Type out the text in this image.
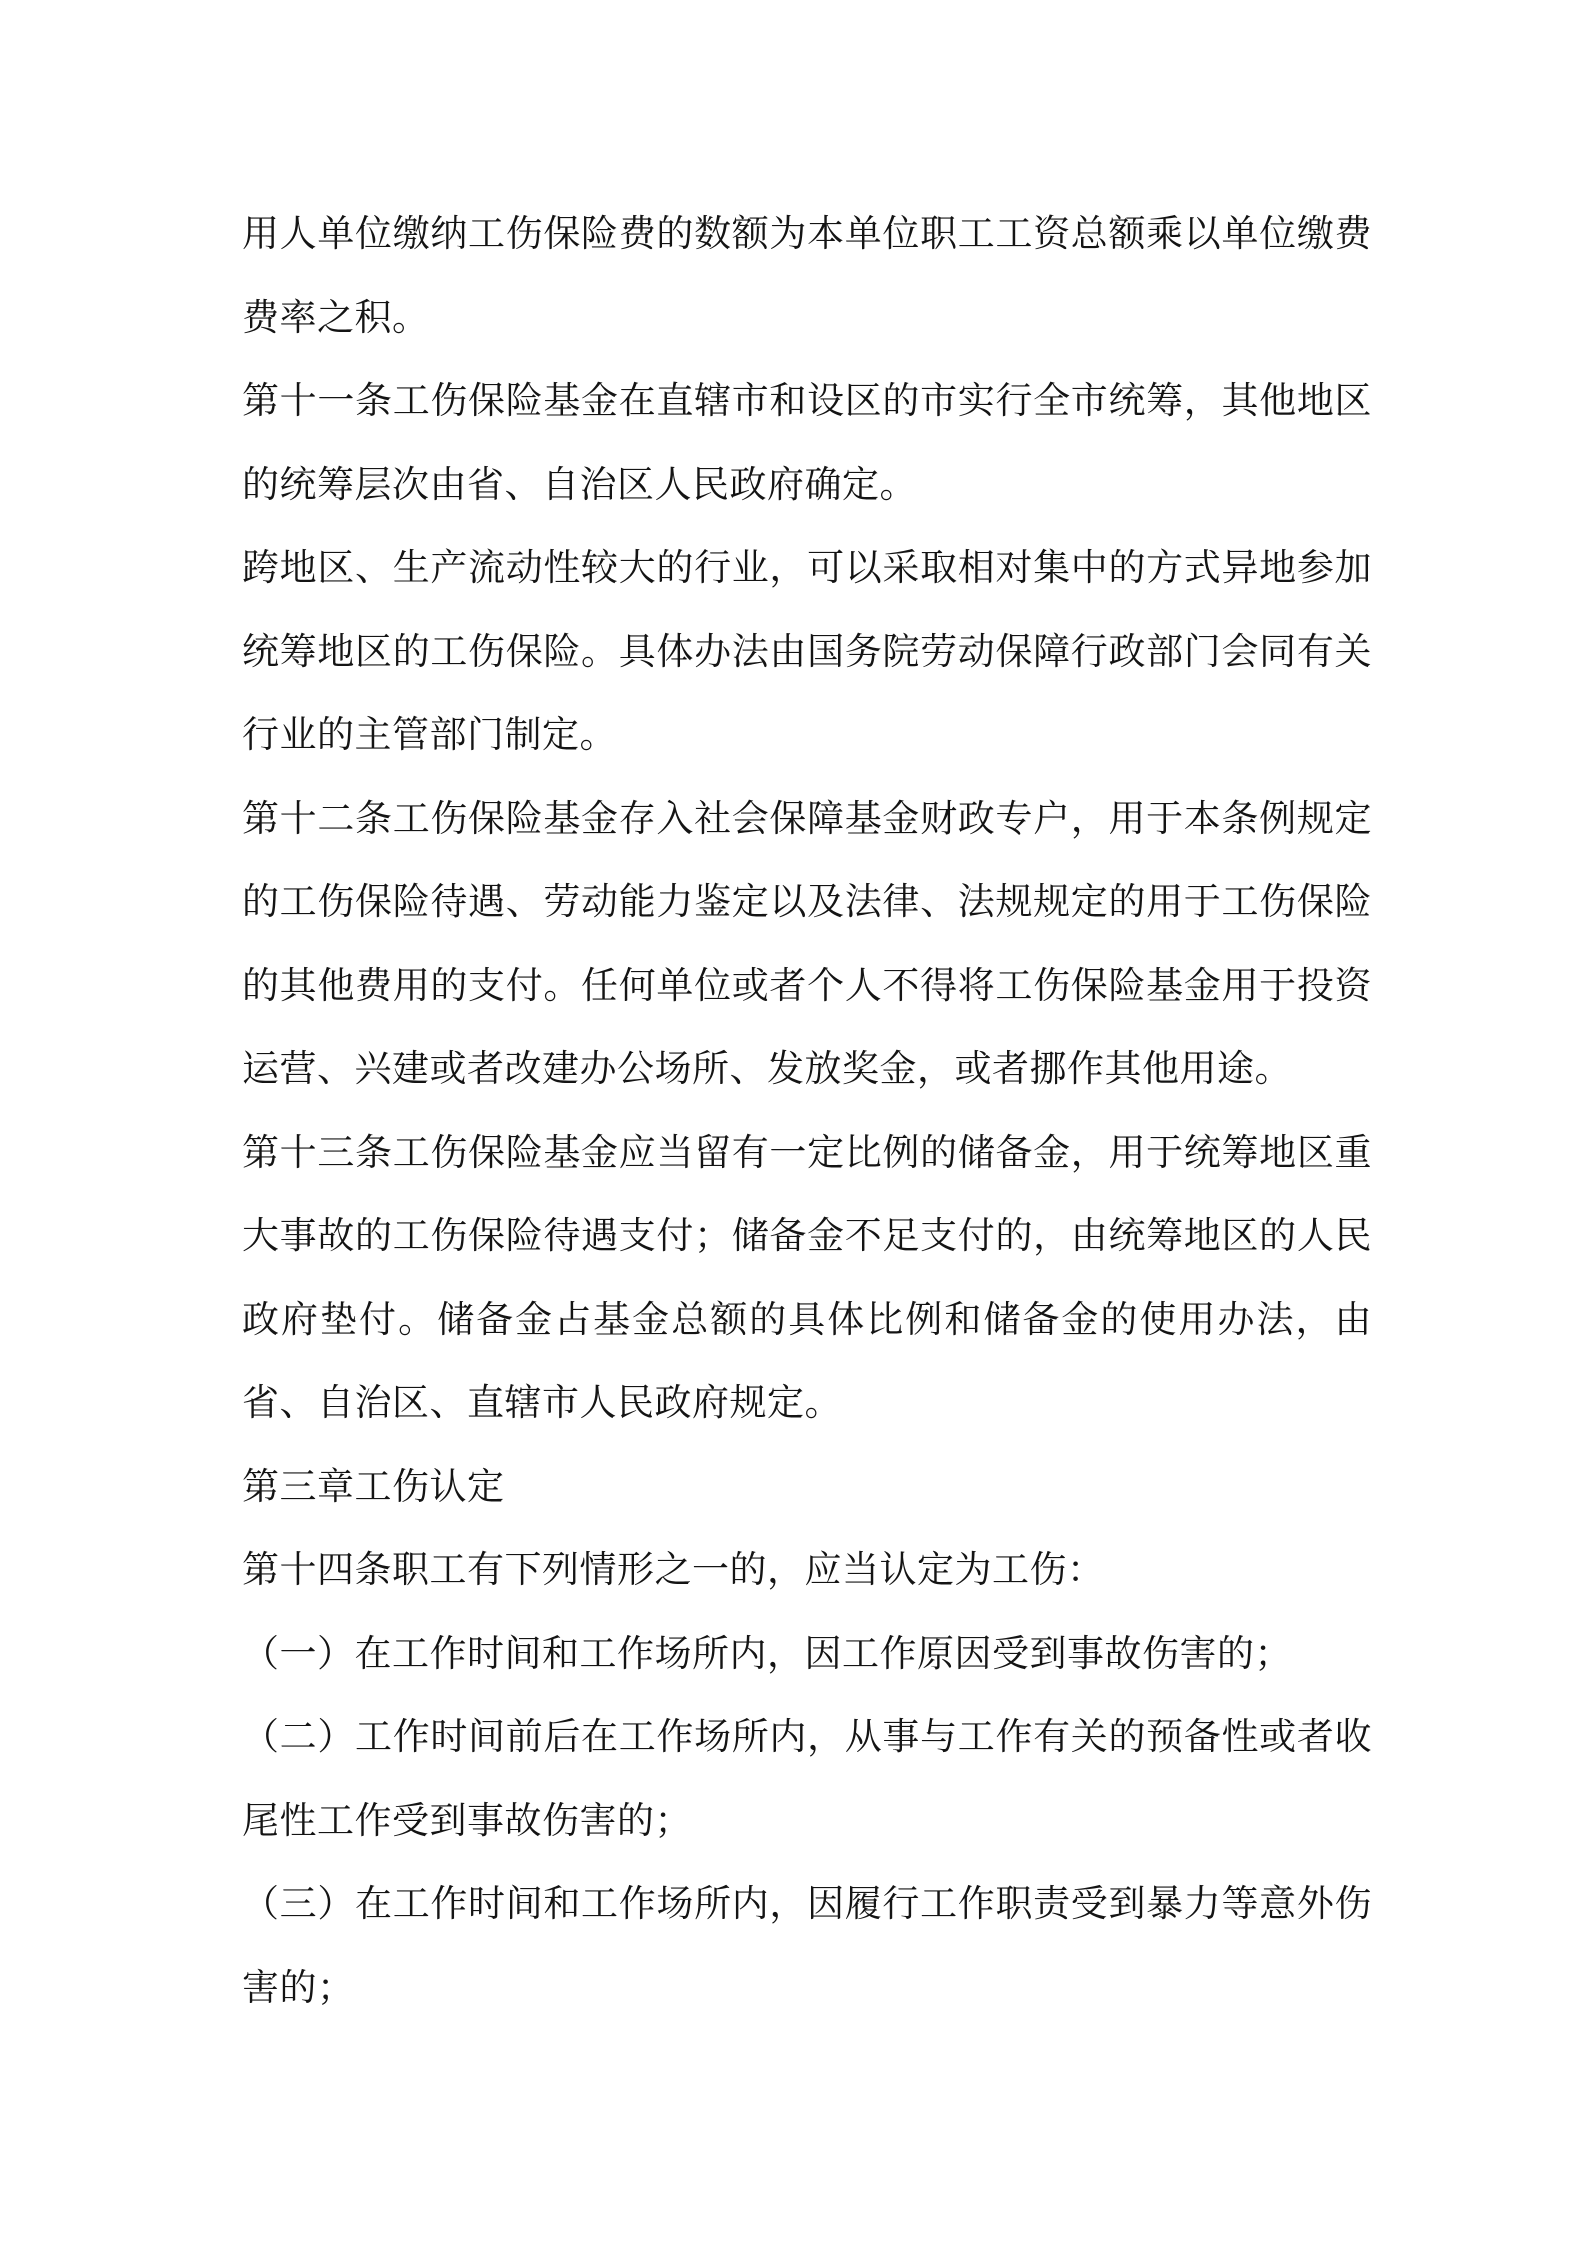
用人单位缴纳工伤保险费的数额为本单位职工工资总额乘以单位缴费费率之积。

第十一条工伤保险基金在直辖市和设区的市实行全市统筹，其他地区的统筹层次由省、自治区人民政府确定。

跨地区、生产流动性较大的行业，可以采取相对集中的方式异地参加统筹地区的工伤保险。具体办法由国务院劳动保障行政部门会同有关行业的主管部门制定。

第十二条工伤保险基金存入社会保障基金财政专户，用于本条例规定的工伤保险待遇、劳动能力鉴定以及法律、法规规定的用于工伤保险的其他费用的支付。任何单位或者个人不得将工伤保险基金用于投资运营、兴建或者改建办公场所、发放奖金，或者挪作其他用途。

第十三条工伤保险基金应当留有一定比例的储备金，用于统筹地区重大事故的工伤保险待遇支付；储备金不足支付的，由统筹地区的人民政府垫付。储备金占基金总额的具体比例和储备金的使用办法，由省、自治区、直辖市人民政府规定。

第三章工伤认定

第十四条职工有下列情形之一的，应当认定为工伤：

（一）在工作时间和工作场所内，因工作原因受到事故伤害的；

（二）工作时间前后在工作场所内，从事与工作有关的预备性或者收尾性工作受到事故伤害的；

（三）在工作时间和工作场所内，因履行工作职责受到暴力等意外伤害的；
